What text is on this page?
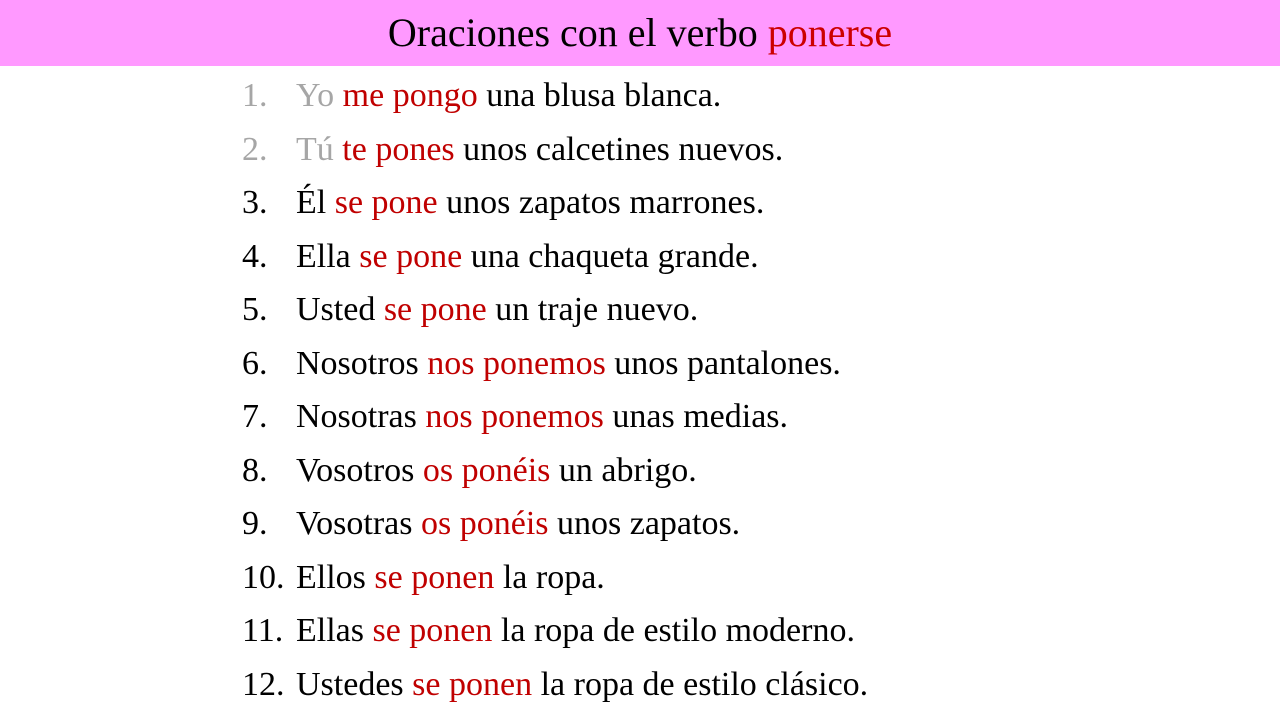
Oraciones con el verbo ponerse
1. Yo
me pongo
una blusa blanca.
2. Tú
te pones
unos calcetines nuevos.
3. Él
se pone
unos zapatos marrones.
4. Ella
se pone
una chaqueta grande.
5. Usted
se pone
un traje nuevo.
6. Nosotros
nos ponemos
unos pantalones.
7. Nosotras
nos ponemos
unas medias.
8. Vosotros
os ponéis
un abrigo.
9. Vosotras
os ponéis
unos zapatos.
10. Ellos
se ponen
la ropa.
11. Ellas
se ponen
la ropa de estilo moderno.
12. Ustedes
se ponen
la ropa de estilo clásico.
